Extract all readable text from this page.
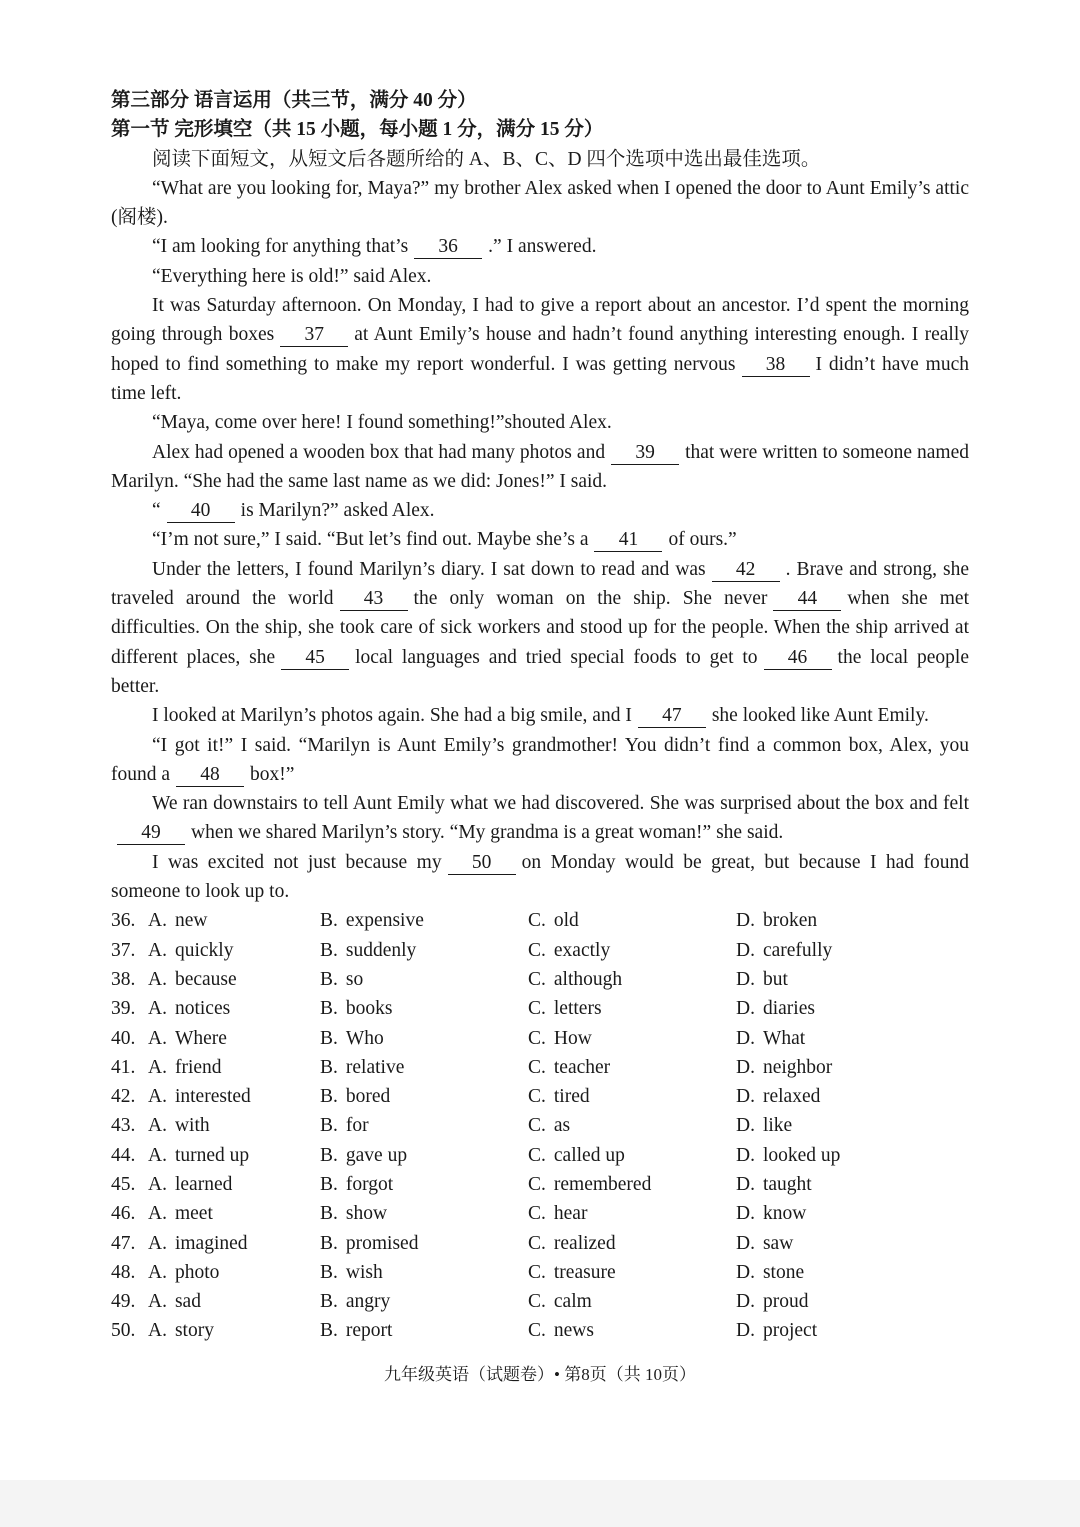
第三部分 语言运用（共三节，满分 40 分）
第一节 完形填空（共 15 小题，每小题 1 分，满分 15 分）

阅读下面短文，从短文后各题所给的 A、B、C、D 四个选项中选出最佳选项。

“What are you looking for, Maya?” my brother Alex asked when I opened the door to Aunt Emily’s attic (阁楼).

“I am looking for anything that’s 36 .” I answered.

“Everything here is old!” said Alex.

It was Saturday afternoon. On Monday, I had to give a report about an ancestor. I’d spent the morning going through boxes 37 at Aunt Emily’s house and hadn’t found anything interesting enough. I really hoped to find something to make my report wonderful. I was getting nervous 38 I didn’t have much time left.

“Maya, come over here! I found something!”shouted Alex.

Alex had opened a wooden box that had many photos and 39 that were written to someone named Marilyn. “She had the same last name as we did: Jones!” I said.

“ 40 is Marilyn?” asked Alex.

“I’m not sure,” I said. “But let’s find out. Maybe she’s a 41 of ours.”

Under the letters, I found Marilyn’s diary. I sat down to read and was 42 . Brave and strong, she traveled around the world 43 the only woman on the ship. She never 44 when she met difficulties. On the ship, she took care of sick workers and stood up for the people. When the ship arrived at different places, she 45 local languages and tried special foods to get to 46 the local people better.

I looked at Marilyn’s photos again. She had a big smile, and I 47 she looked like Aunt Emily.

“I got it!” I said. “Marilyn is Aunt Emily’s grandmother! You didn’t find a common box, Alex, you found a 48 box!”

We ran downstairs to tell Aunt Emily what we had discovered. She was surprised about the box and felt49 when we shared Marilyn’s story. “My grandma is a great woman!” she said.

I was excited not just because my 50 on Monday would be great, but because I had found someone to look up to.

36. A. new	B. expensive	C. old	D. broken
37. A. quickly	B. suddenly	C. exactly	D. carefully
38. A. because	B. so	C. although	D. but
39. A. notices	B. books	C. letters	D. diaries
40. A. Where	B. Who	C. How	D. What
41. A. friend	B. relative	C. teacher	D. neighbor
42. A. interested	B. bored	C. tired	D. relaxed
43. A. with	B. for	C. as	D. like
44. A. turned up	B. gave up	C. called up	D. looked up
45. A. learned	B. forgot	C. remembered	D. taught
46. A. meet	B. show	C. hear	D. know
47. A. imagined	B. promised	C. realized	D. saw
48. A. photo	B. wish	C. treasure	D. stone
49. A. sad	B. angry	C. calm	D. proud
50. A. story	B. report	C. news	D. project
九年级英语（试题卷）• 第8页（共 10页）
